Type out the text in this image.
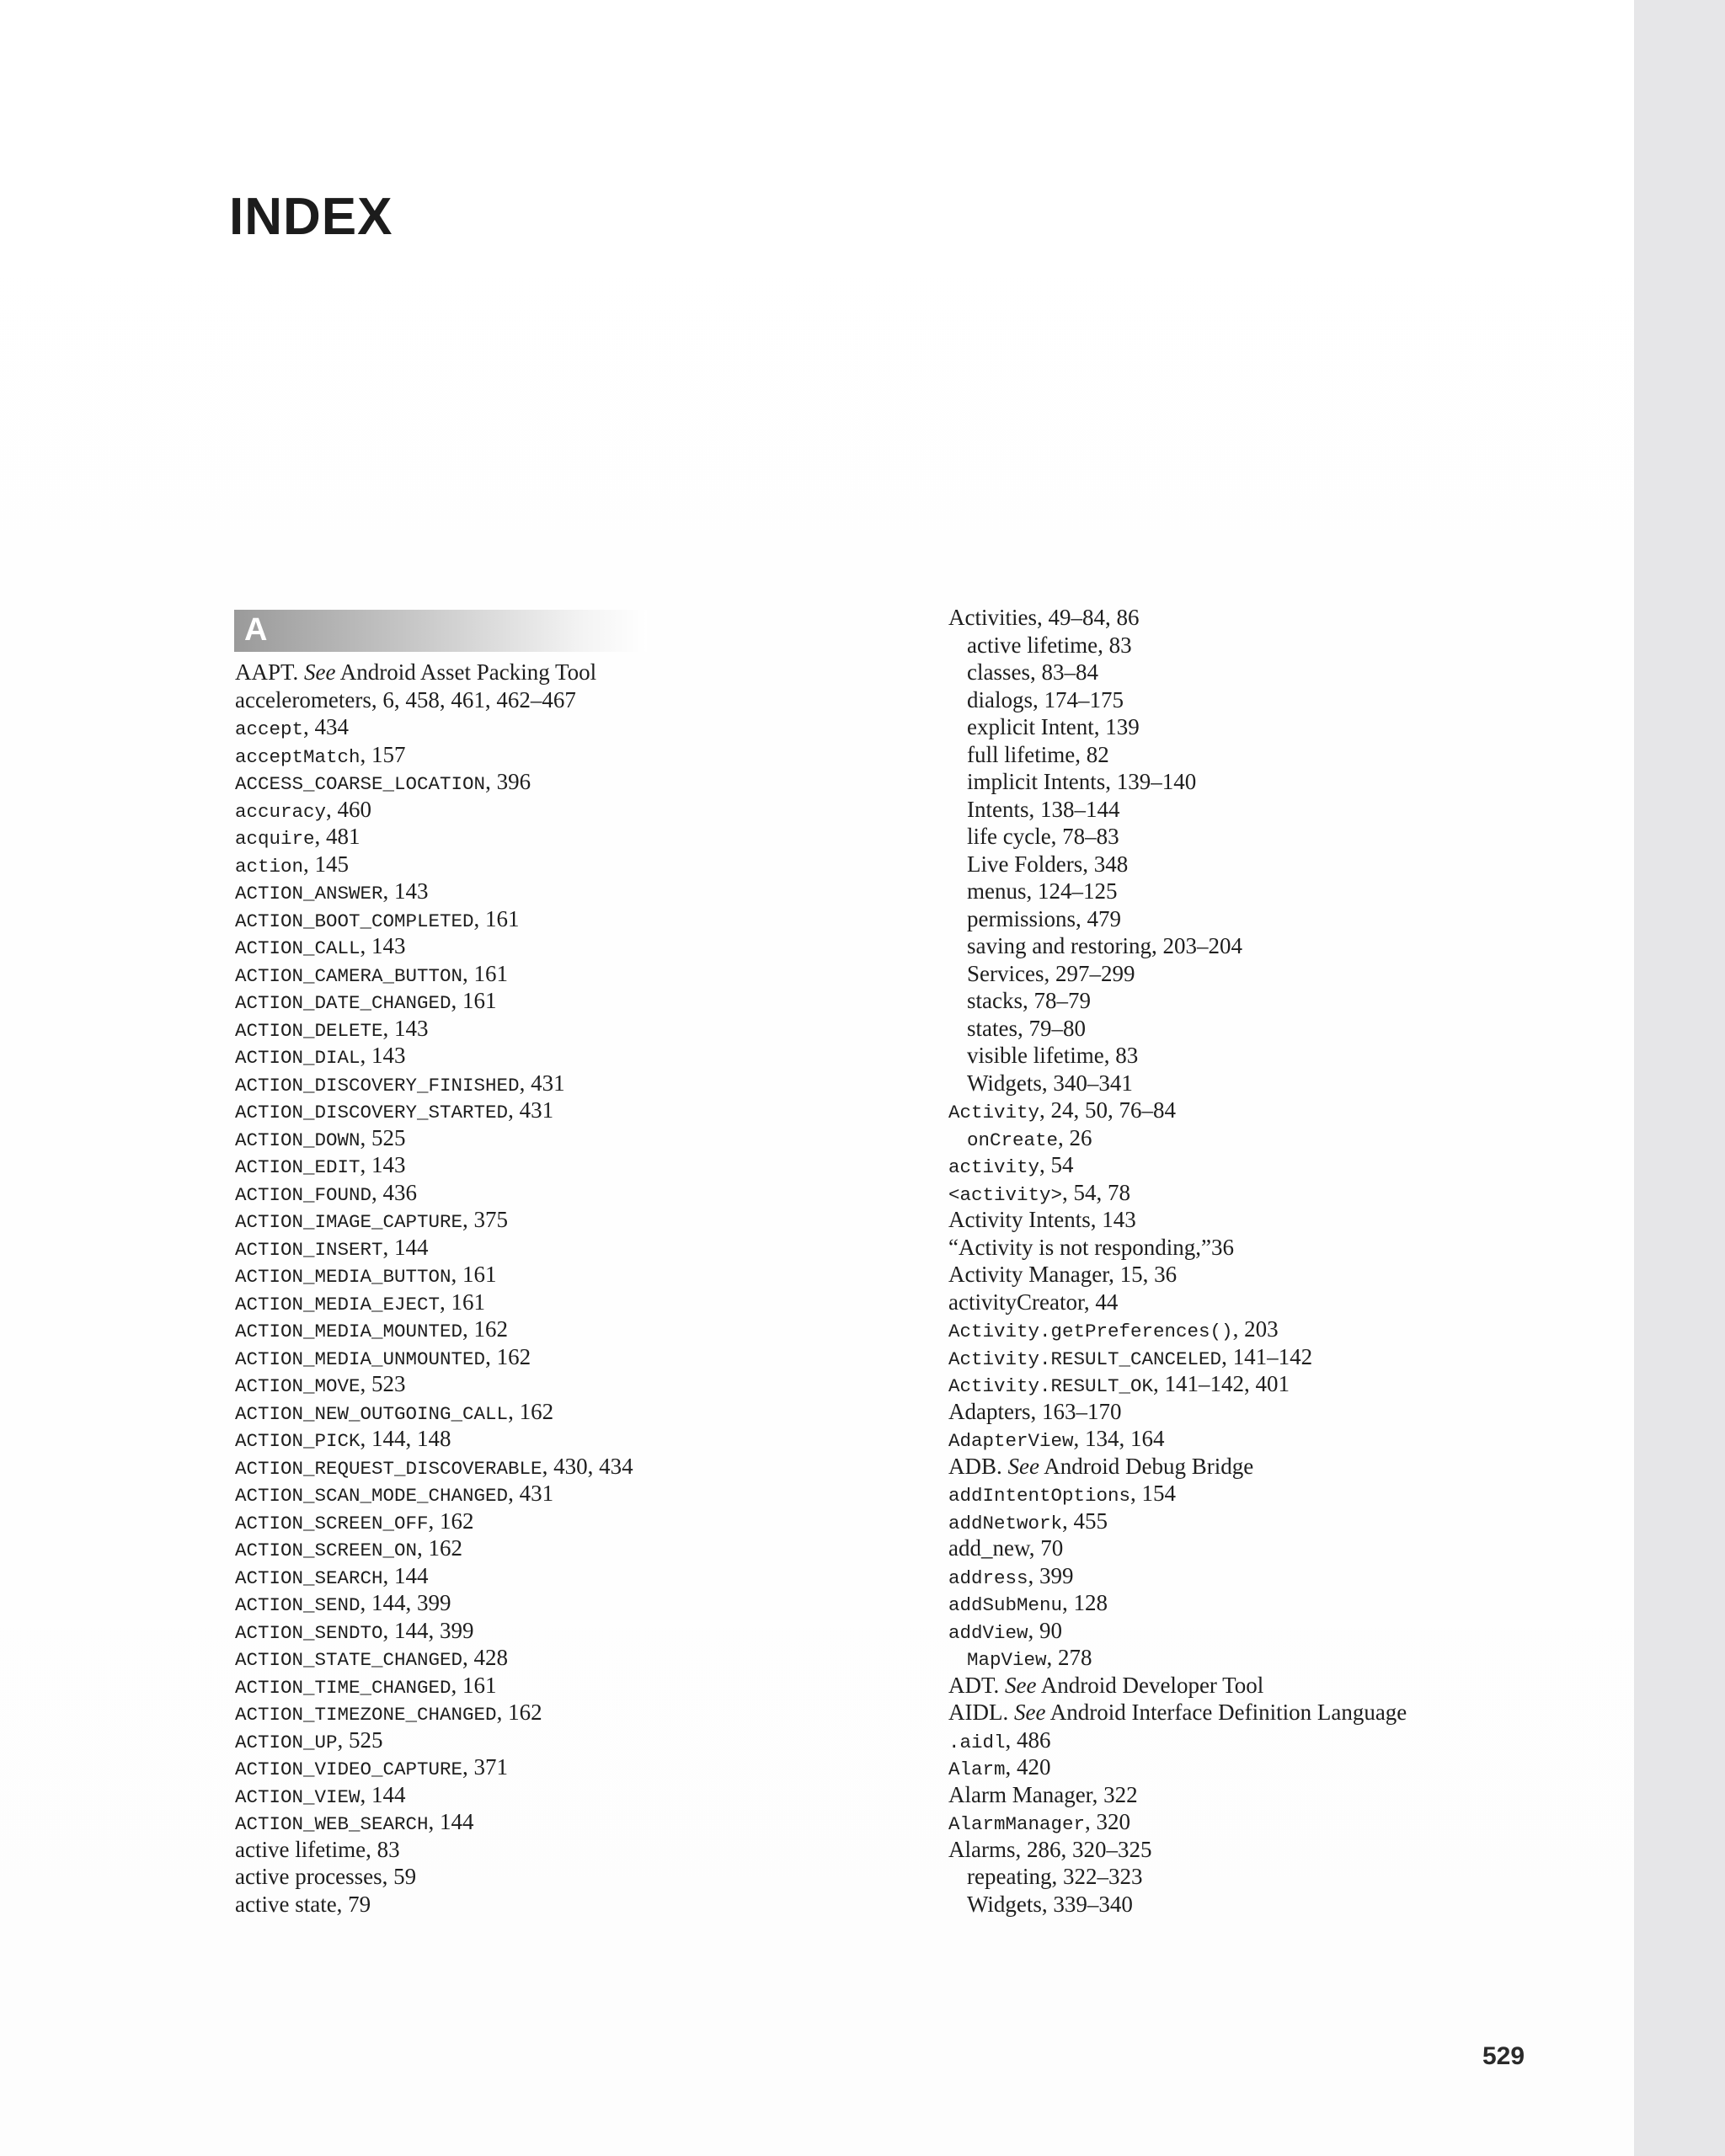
INDEX
A
AAPT. See Android Asset Packing Tool
accelerometers, 6, 458, 461, 462–467
accept, 434
acceptMatch, 157
ACCESS_COARSE_LOCATION, 396
accuracy, 460
acquire, 481
action, 145
ACTION_ANSWER, 143
ACTION_BOOT_COMPLETED, 161
ACTION_CALL, 143
ACTION_CAMERA_BUTTON, 161
ACTION_DATE_CHANGED, 161
ACTION_DELETE, 143
ACTION_DIAL, 143
ACTION_DISCOVERY_FINISHED, 431
ACTION_DISCOVERY_STARTED, 431
ACTION_DOWN, 525
ACTION_EDIT, 143
ACTION_FOUND, 436
ACTION_IMAGE_CAPTURE, 375
ACTION_INSERT, 144
ACTION_MEDIA_BUTTON, 161
ACTION_MEDIA_EJECT, 161
ACTION_MEDIA_MOUNTED, 162
ACTION_MEDIA_UNMOUNTED, 162
ACTION_MOVE, 523
ACTION_NEW_OUTGOING_CALL, 162
ACTION_PICK, 144, 148
ACTION_REQUEST_DISCOVERABLE, 430, 434
ACTION_SCAN_MODE_CHANGED, 431
ACTION_SCREEN_OFF, 162
ACTION_SCREEN_ON, 162
ACTION_SEARCH, 144
ACTION_SEND, 144, 399
ACTION_SENDTO, 144, 399
ACTION_STATE_CHANGED, 428
ACTION_TIME_CHANGED, 161
ACTION_TIMEZONE_CHANGED, 162
ACTION_UP, 525
ACTION_VIDEO_CAPTURE, 371
ACTION_VIEW, 144
ACTION_WEB_SEARCH, 144
active lifetime, 83
active processes, 59
active state, 79
Activities, 49–84, 86
active lifetime, 83
classes, 83–84
dialogs, 174–175
explicit Intent, 139
full lifetime, 82
implicit Intents, 139–140
Intents, 138–144
life cycle, 78–83
Live Folders, 348
menus, 124–125
permissions, 479
saving and restoring, 203–204
Services, 297–299
stacks, 78–79
states, 79–80
visible lifetime, 83
Widgets, 340–341
Activity, 24, 50, 76–84
onCreate, 26
activity, 54
<activity>, 54, 78
Activity Intents, 143
“Activity is not responding,”36
Activity Manager, 15, 36
activityCreator, 44
Activity.getPreferences(), 203
Activity.RESULT_CANCELED, 141–142
Activity.RESULT_OK, 141–142, 401
Adapters, 163–170
AdapterView, 134, 164
ADB. See Android Debug Bridge
addIntentOptions, 154
addNetwork, 455
add_new, 70
address, 399
addSubMenu, 128
addView, 90
MapView, 278
ADT. See Android Developer Tool
AIDL. See Android Interface Definition Language
.aidl, 486
Alarm, 420
Alarm Manager, 322
AlarmManager, 320
Alarms, 286, 320–325
repeating, 322–323
Widgets, 339–340
529
